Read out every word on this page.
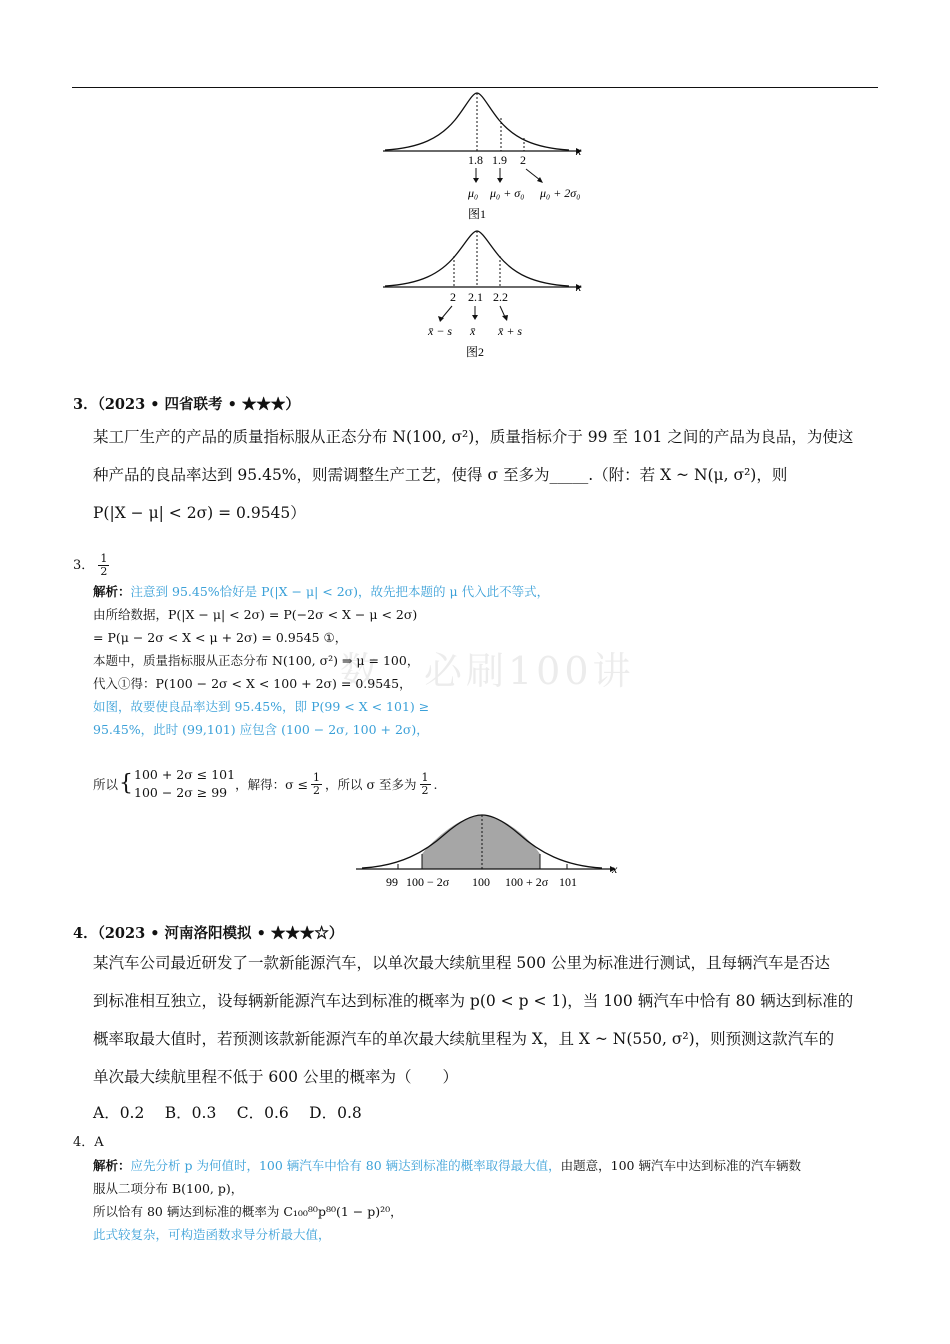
数　必刷100讲
x
1.8 1.9 2
μ₀ μ₀ + σ₀ μ₀ + 2σ₀
图1
x
2 2.1 2.2
x̄ − s x̄ x̄ + s
图2
3．（2023 • 四省联考 • ★★★）
某工厂生产的产品的质量指标服从正态分布 N(100, σ²)，质量指标介于 99 至 101 之间的产品为良品，为使这
种产品的良品率达到 95.45%，则需调整生产工艺，使得 σ 至多为_____.（附：若 X ~ N(μ, σ²)，则
P(|X − μ| < 2σ) = 0.9545）
3． $\frac{1}{2}$
解析：注意到 95.45%恰好是 P(|X − μ| < 2σ)，故先把本题的 μ 代入此不等式，
由所给数据，P(|X − μ| < 2σ) = P(−2σ < X − μ < 2σ)
= P(μ − 2σ < X < μ + 2σ) = 0.9545 ①，
本题中，质量指标服从正态分布 N(100, σ²) ⇒ μ = 100，
代入①得：P(100 − 2σ < X < 100 + 2σ) = 0.9545，
如图，故要使良品率达到 95.45%，即 P(99 < X < 101) ≥
95.45%，此时 (99,101) 应包含 (100 − 2σ, 100 + 2σ)，
所以 { 100 + 2σ ≤ 101
100 − 2σ ≥ 99
，解得：$\sigma \le \frac{1}{2}$ ，所以 σ 至多为 $\frac{1}{2}$ .
x
99 100 − 2σ 100 100 + 2σ 101
4．（2023 • 河南洛阳模拟 • ★★★☆）
某汽车公司最近研发了一款新能源汽车，以单次最大续航里程 500 公里为标准进行测试，且每辆汽车是否达
到标准相互独立，设每辆新能源汽车达到标准的概率为 p(0 < p < 1)，当 100 辆汽车中恰有 80 辆达到标准的
概率取最大值时，若预测该款新能源汽车的单次最大续航里程为 X，且 X ~ N(550, σ²)，则预测这款汽车的
单次最大续航里程不低于 600 公里的概率为（　　）
A．0.2　 B．0.3　 C．0.6　 D．0.8
4．A
解析：应先分析 p 为何值时，100 辆汽车中恰有 80 辆达到标准的概率取得最大值，由题意，100 辆汽车中达到标准的汽车辆数
服从二项分布 B(100, p)，
所以恰有 80 辆达到标准的概率为 C₁₀₀⁸⁰p⁸⁰(1 − p)²⁰，
此式较复杂，可构造函数求导分析最大值，
